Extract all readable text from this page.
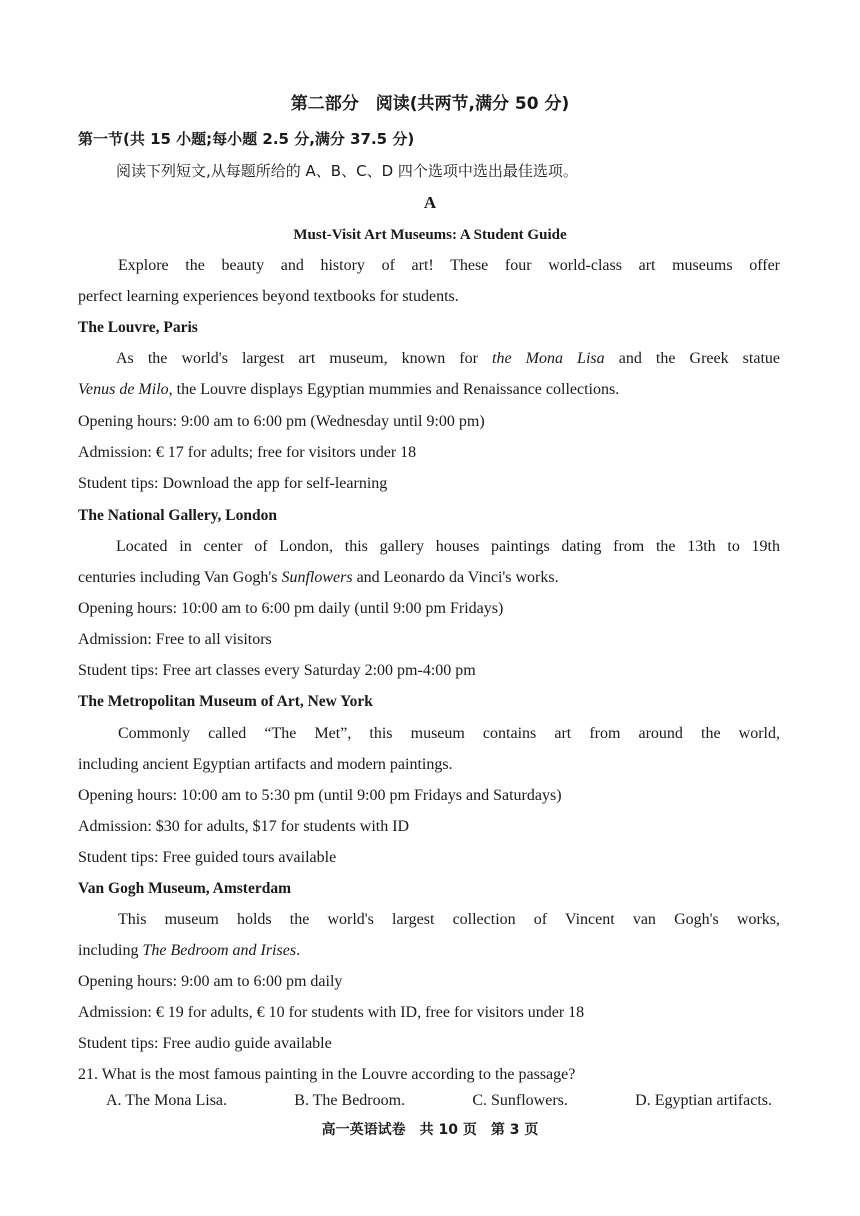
第二部分　阅读(共两节,满分 50 分)
第一节(共 15 小题;每小题 2.5 分,满分 37.5 分)
阅读下列短文,从每题所给的 A、B、C、D 四个选项中选出最佳选项。
A
Must-Visit Art Museums: A Student Guide
Explore the beauty and history of art! These four world-class art museums offer
perfect learning experiences beyond textbooks for students.
The Louvre, Paris
As the world's largest art museum, known for the Mona Lisa and the Greek statue
Venus de Milo, the Louvre displays Egyptian mummies and Renaissance collections.
Opening hours: 9:00 am to 6:00 pm (Wednesday until 9:00 pm)
Admission: € 17 for adults; free for visitors under 18
Student tips: Download the app for self-learning
The National Gallery, London
Located in center of London, this gallery houses paintings dating from the 13th to 19th
centuries including Van Gogh's Sunflowers and Leonardo da Vinci's works.
Opening hours: 10:00 am to 6:00 pm daily (until 9:00 pm Fridays)
Admission: Free to all visitors
Student tips: Free art classes every Saturday 2:00 pm-4:00 pm
The Metropolitan Museum of Art, New York
Commonly called “The Met”, this museum contains art from around the world,
including ancient Egyptian artifacts and modern paintings.
Opening hours: 10:00 am to 5:30 pm (until 9:00 pm Fridays and Saturdays)
Admission: $30 for adults, $17 for students with ID
Student tips: Free guided tours available
Van Gogh Museum, Amsterdam
This museum holds the world's largest collection of Vincent van Gogh's works,
including The Bedroom and Irises.
Opening hours: 9:00 am to 6:00 pm daily
Admission: € 19 for adults, € 10 for students with ID, free for visitors under 18
Student tips: Free audio guide available
21. What is the most famous painting in the Louvre according to the passage?
A. The Mona Lisa.	B. The Bedroom.	C. Sunflowers.	D. Egyptian artifacts.
高一英语试卷　共 10 页　第 3 页
